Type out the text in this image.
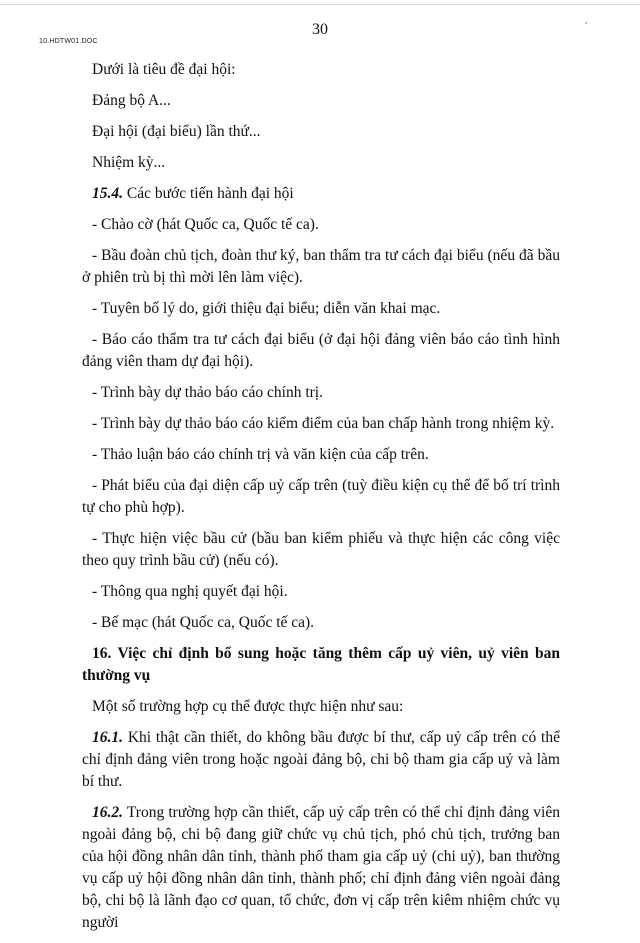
10.HDTW01.DOC
30

Dưới là tiêu đề đại hội:

Đảng bộ A...

Đại hội (đại biểu) lần thứ...

Nhiệm kỳ...

15.4. Các bước tiến hành đại hội

- Chào cờ (hát Quốc ca, Quốc tế ca).

- Bầu đoàn chủ tịch, đoàn thư ký, ban thẩm tra tư cách đại biểu (nếu đã bầu ở phiên trù bị thì mời lên làm việc).

- Tuyên bố lý do, giới thiệu đại biểu; diễn văn khai mạc.

- Báo cáo thẩm tra tư cách đại biểu (ở đại hội đảng viên báo cáo tình hình đảng viên tham dự đại hội).

- Trình bày dự thảo báo cáo chính trị.

- Trình bày dự thảo báo cáo kiểm điểm của ban chấp hành trong nhiệm kỳ.

- Thảo luận báo cáo chính trị và văn kiện của cấp trên.

- Phát biểu của đại diện cấp uỷ cấp trên (tuỳ điều kiện cụ thể để bố trí trình tự cho phù hợp).

- Thực hiện việc bầu cử (bầu ban kiểm phiếu và thực hiện các công việc theo quy trình bầu cử) (nếu có).

- Thông qua nghị quyết đại hội.

- Bế mạc (hát Quốc ca, Quốc tế ca).

16. Việc chỉ định bổ sung hoặc tăng thêm cấp uỷ viên, uỷ viên ban thường vụ

Một số trường hợp cụ thể được thực hiện như sau:

16.1. Khi thật cần thiết, do không bầu được bí thư, cấp uỷ cấp trên có thể chỉ định đảng viên trong hoặc ngoài đảng bộ, chi bộ tham gia cấp uỷ và làm bí thư.

16.2. Trong trường hợp cần thiết, cấp uỷ cấp trên có thể chỉ định đảng viên ngoài đảng bộ, chi bộ đang giữ chức vụ chủ tịch, phó chủ tịch, trưởng ban của hội đồng nhân dân tỉnh, thành phố tham gia cấp uỷ (chi uỷ), ban thường vụ cấp uỷ hội đồng nhân dân tỉnh, thành phố; chỉ định đảng viên ngoài đảng bộ, chi bộ là lãnh đạo cơ quan, tổ chức, đơn vị cấp trên kiêm nhiệm chức vụ người
